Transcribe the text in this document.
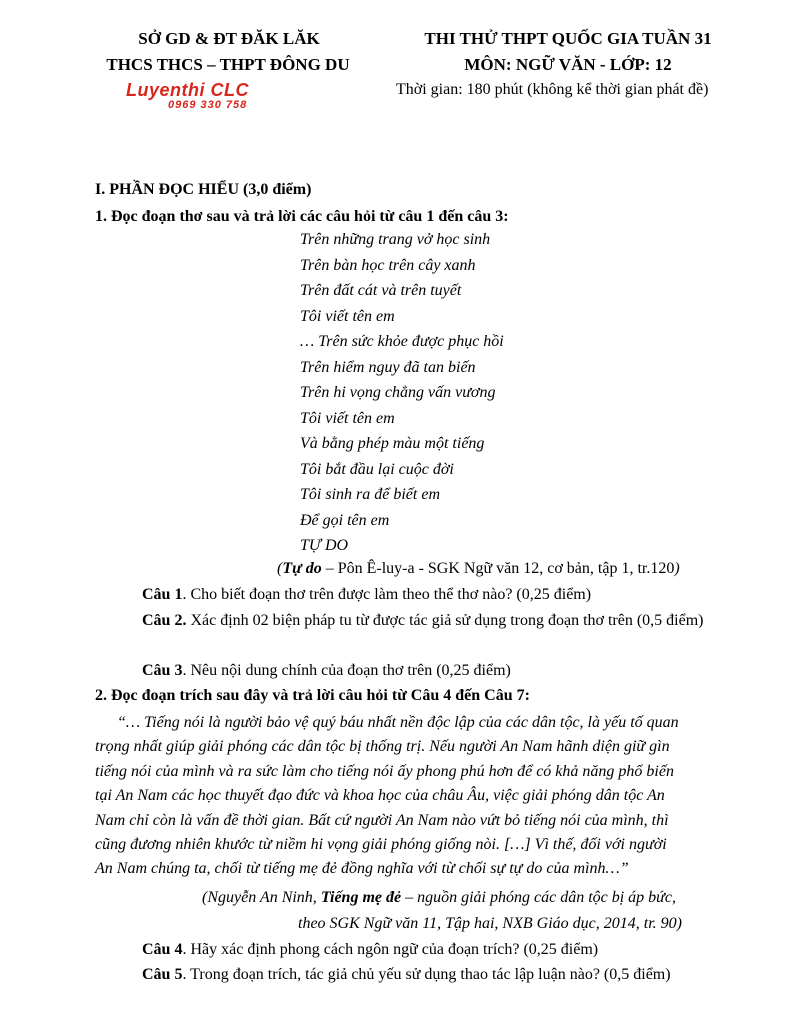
SỞ GD & ĐT ĐĂK LĂK
THCS THCS – THPT ĐÔNG DU
Luyenthi CLC
0969 330 758
THI THỬ THPT QUỐC GIA TUẦN 31
MÔN: NGỮ VĂN - LỚP: 12
Thời gian: 180 phút (không kể thời gian phát đề)
I. PHẦN ĐỌC HIỂU (3,0 điểm)
1. Đọc đoạn thơ sau và trả lời các câu hỏi từ câu 1 đến câu 3:
Trên những trang vở học sinh
Trên bàn học trên cây xanh
Trên đất cát và trên tuyết
Tôi viết tên em
… Trên sức khỏe được phục hồi
Trên hiểm nguy đã tan biến
Trên hi vọng chẳng vấn vương
Tôi viết tên em
Và bằng phép màu một tiếng
Tôi bắt đầu lại cuộc đời
Tôi sinh ra để biết em
Để gọi tên em
TỰ DO
(Tự do – Pôn Ê-luy-a - SGK Ngữ văn 12, cơ bản, tập 1, tr.120)
Câu 1. Cho biết đoạn thơ trên được làm theo thể thơ nào? (0,25 điểm)
Câu 2. Xác định 02 biện pháp tu từ được tác giả sử dụng trong đoạn thơ trên (0,5 điểm)
Câu 3. Nêu nội dung chính của đoạn thơ trên (0,25 điểm)
2. Đọc đoạn trích sau đây và trả lời câu hỏi từ Câu 4 đến Câu 7:
“… Tiếng nói là người bảo vệ quý báu nhất nền độc lập của các dân tộc, là yếu tố quan
trọng nhất giúp giải phóng các dân tộc bị thống trị. Nếu người An Nam hãnh diện giữ gìn
tiếng nói của mình và ra sức làm cho tiếng nói ấy phong phú hơn để có khả năng phổ biến
tại An Nam các học thuyết đạo đức và khoa học của châu Âu, việc giải phóng dân tộc An
Nam chỉ còn là vấn đề thời gian. Bất cứ người An Nam nào vứt bỏ tiếng nói của mình, thì
cũng đương nhiên khước từ niềm hi vọng giải phóng giống nòi. […] Vì thế, đối với người
An Nam chúng ta, chối từ tiếng mẹ đẻ đồng nghĩa với từ chối sự tự do của mình…”
(Nguyễn An Ninh, Tiếng mẹ đẻ – nguồn giải phóng các dân tộc bị áp bức,
theo SGK Ngữ văn 11, Tập hai, NXB Giáo dục, 2014, tr. 90)
Câu 4. Hãy xác định phong cách ngôn ngữ của đoạn trích? (0,25 điểm)
Câu 5. Trong đoạn trích, tác giả chủ yếu sử dụng thao tác lập luận nào? (0,5 điểm)
